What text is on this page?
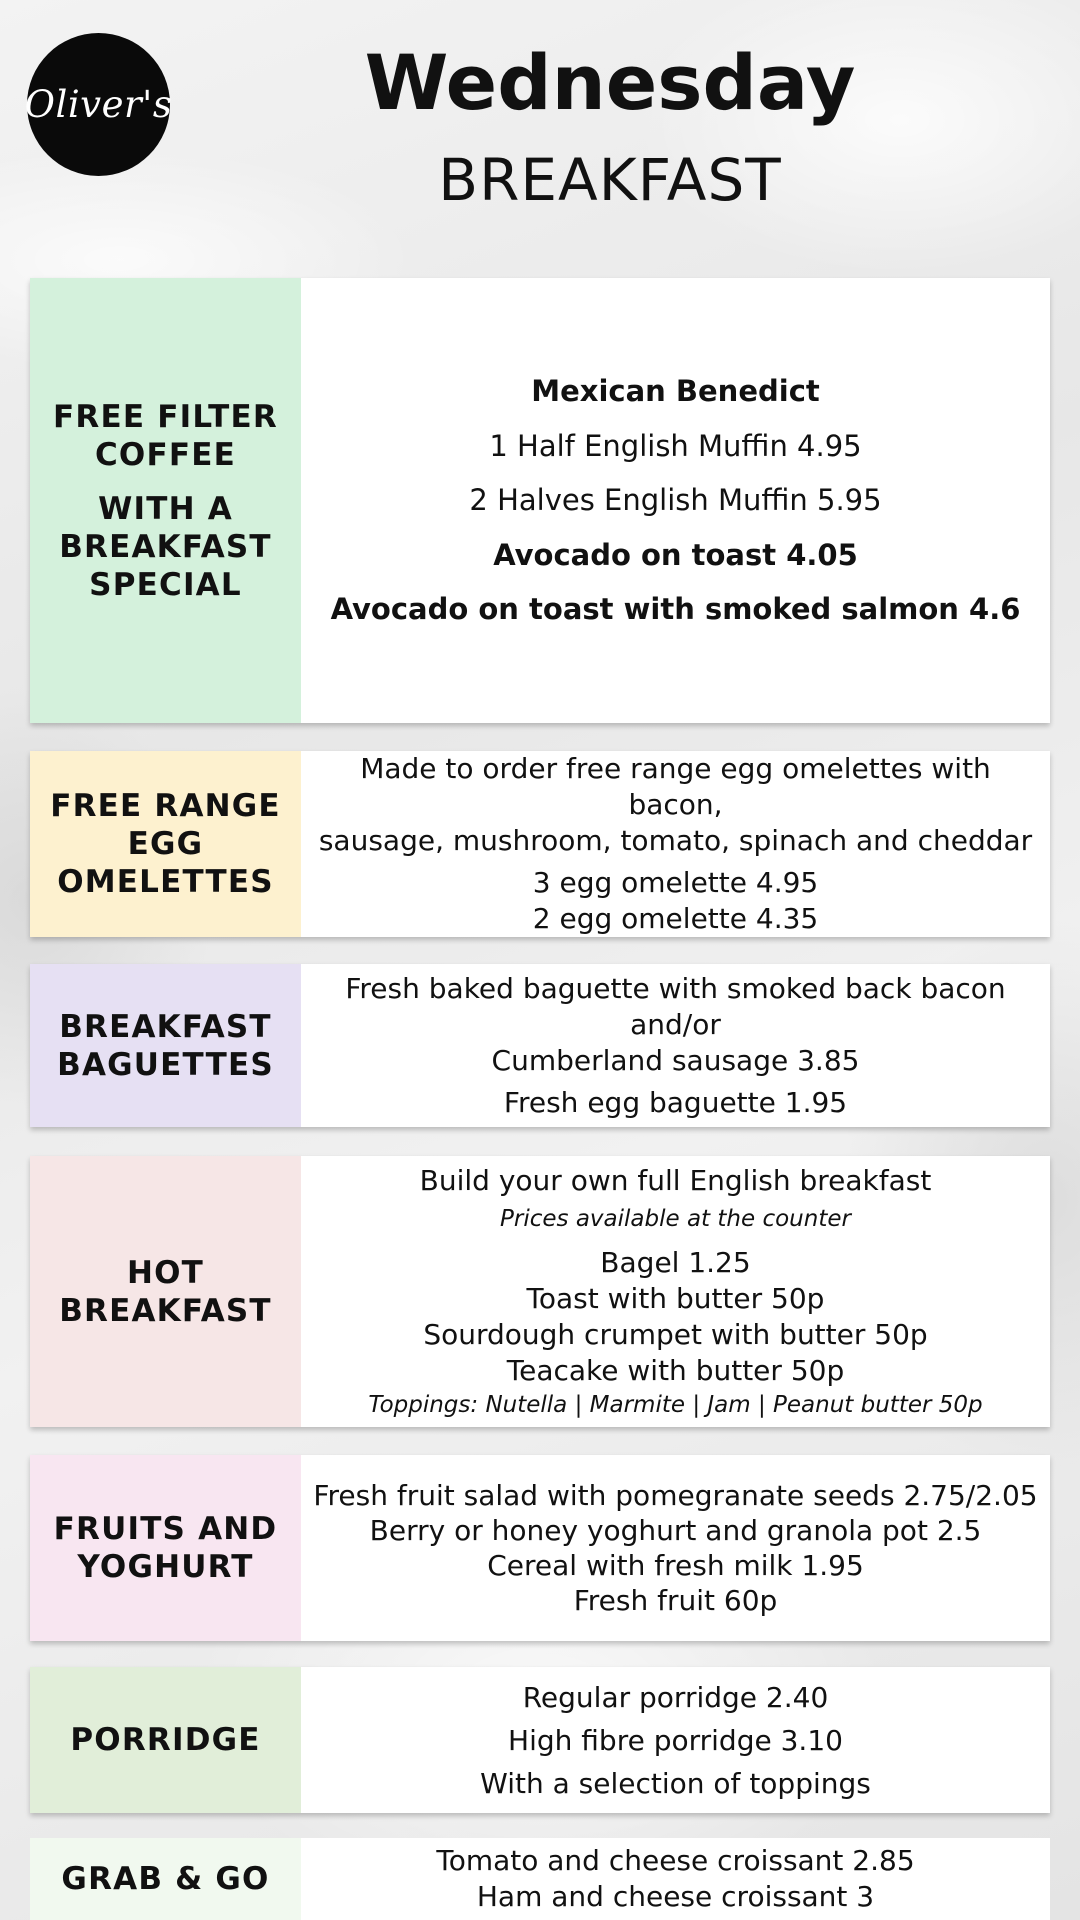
Oliver's	Wednesday
BREAKFAST
FREE FILTER
COFFEE
WITH A
BREAKFAST
SPECIAL
Mexican Benedict
1 Half English Muffin 4.95
2 Halves English Muffin 5.95
Avocado on toast 4.05
Avocado on toast with smoked salmon 4.6
FREE RANGE
EGG
OMELETTES
Made to order free range egg omelettes with bacon,
sausage, mushroom, tomato, spinach and cheddar
3 egg omelette 4.95
2 egg omelette 4.35
BREAKFAST
BAGUETTES
Fresh baked baguette with smoked back bacon and/or
Cumberland sausage 3.85
Fresh egg baguette 1.95
HOT
BREAKFAST
Build your own full English breakfast
Prices available at the counter
Bagel 1.25
Toast with butter 50p
Sourdough crumpet with butter 50p
Teacake with butter 50p
Toppings: Nutella | Marmite | Jam | Peanut butter 50p
FRUITS AND
YOGHURT
Fresh fruit salad with pomegranate seeds 2.75/2.05
Berry or honey yoghurt and granola pot 2.5
Cereal with fresh milk 1.95
Fresh fruit 60p
PORRIDGE
Regular porridge 2.40
High fibre porridge 3.10
With a selection of toppings
GRAB & GO
Tomato and cheese croissant 2.85
Ham and cheese croissant 3
